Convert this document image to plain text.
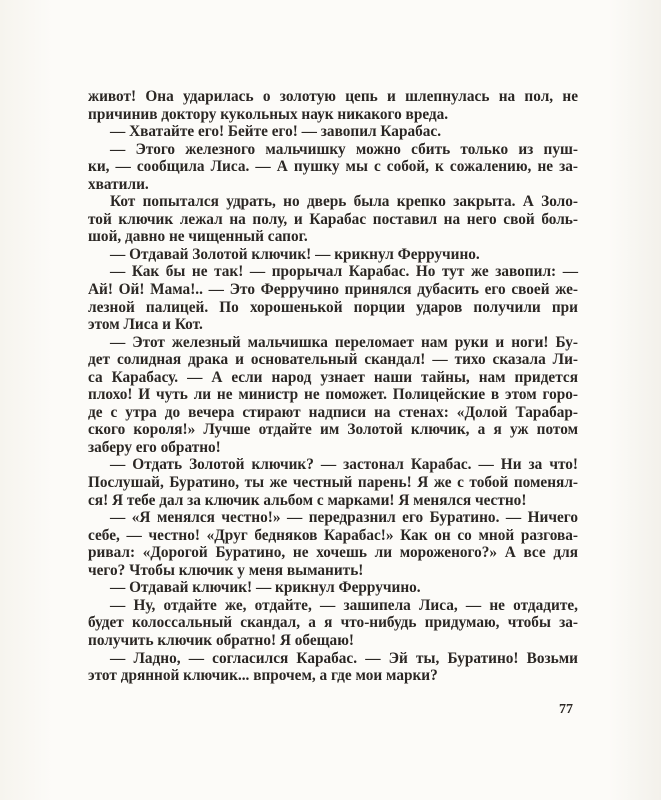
живот! Она ударилась о золотую цепь и шлепнулась на пол, не
причинив доктору кукольных наук никакого вреда.
— Хватайте его! Бейте его! — завопил Карабас.
— Этого железного мальчишку можно сбить только из пуш-
ки, — сообщила Лиса. — А пушку мы с собой, к сожалению, не за-
хватили.
Кот попытался удрать, но дверь была крепко закрыта. А Золо-
той ключик лежал на полу, и Карабас поставил на него свой боль-
шой, давно не чищенный сапог.
— Отдавай Золотой ключик! — крикнул Ферручино.
— Как бы не так! — прорычал Карабас. Но тут же завопил: —
Ай! Ой! Мама!.. — Это Ферручино принялся дубасить его своей же-
лезной палицей. По хорошенькой порции ударов получили при
этом Лиса и Кот.
— Этот железный мальчишка переломает нам руки и ноги! Бу-
дет солидная драка и основательный скандал! — тихо сказала Ли-
са Карабасу. — А если народ узнает наши тайны, нам придется
плохо! И чуть ли не министр не поможет. Полицейские в этом горо-
де с утра до вечера стирают надписи на стенах: «Долой Тарабар-
ского короля!» Лучше отдайте им Золотой ключик, а я уж потом
заберу его обратно!
— Отдать Золотой ключик? — застонал Карабас. — Ни за что!
Послушай, Буратино, ты же честный парень! Я же с тобой поменял-
ся! Я тебе дал за ключик альбом с марками! Я менялся честно!
— «Я менялся честно!» — передразнил его Буратино. — Ничего
себе, — честно! «Друг бедняков Карабас!» Как он со мной разгова-
ривал: «Дорогой Буратино, не хочешь ли мороженого?» А все для
чего? Чтобы ключик у меня выманить!
— Отдавай ключик! — крикнул Ферручино.
— Ну, отдайте же, отдайте, — зашипела Лиса, — не отдадите,
будет колоссальный скандал, а я что-нибудь придумаю, чтобы за-
получить ключик обратно! Я обещаю!
— Ладно, — согласился Карабас. — Эй ты, Буратино! Возьми
этот дрянной ключик... впрочем, а где мои марки?
77
